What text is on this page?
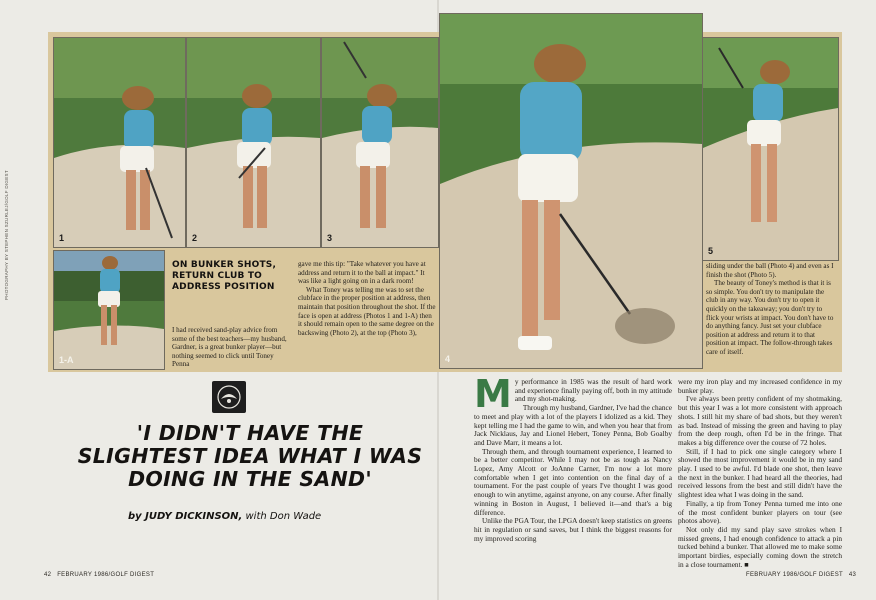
1	2	3
4
5
1-A
ON BUNKER SHOTS, RETURN CLUB TO ADDRESS POSITION

I had received sand-play advice from some of the best teachers—my husband, Gardner, is a great bunker player—but nothing seemed to click until Toney Penna

gave me this tip: "Take whatever you have at address and return it to the ball at impact." It was like a light going on in a dark room!

What Toney was telling me was to set the clubface in the proper position at address, then maintain that position throughout the shot. If the face is open at address (Photos 1 and 1-A) then it should remain open to the same degree on the backswing (Photo 2), at the top (Photo 3),

sliding under the ball (Photo 4) and even as I finish the shot (Photo 5).

The beauty of Toney's method is that it is so simple. You don't try to manipulate the club in any way. You don't try to open it quickly on the takeaway; you don't try to flick your wrists at impact. You don't have to do anything fancy. Just set your clubface position at address and return it to that position at impact. The follow-through takes care of itself.

PHOTOGRAPHY BY STEPHEN SZURLEJ/GOLF DIGEST
'I DIDN'T HAVE THE SLIGHTEST IDEA WHAT I WAS DOING IN THE SAND'
by JUDY DICKINSON, with Don Wade

My performance in 1985 was the result of hard work and experience finally paying off, both in my attitude and my shot-making.

Through my husband, Gardner, I've had the chance to meet and play with a lot of the players I idolized as a kid. They kept telling me I had the game to win, and when you hear that from Jack Nicklaus, Jay and Lionel Hebert, Toney Penna, Bob Goalby and Dave Marr, it means a lot.

Through them, and through tournament experience, I learned to be a better competitor. While I may not be as tough as Nancy Lopez, Amy Alcott or JoAnne Carner, I'm now a lot more comfortable when I get into contention on the final day of a tournament. For the past couple of years I've thought I was good enough to win anytime, against anyone, on any course. After finally winning in Boston in August, I believed it—and that's a big difference.

Unlike the PGA Tour, the LPGA doesn't keep statistics on greens hit in regulation or sand saves, but I think the biggest reasons for my improved scoring

were my iron play and my increased confidence in my bunker play.

I've always been pretty confident of my shotmaking, but this year I was a lot more consistent with approach shots. I still hit my share of bad shots, but they weren't as bad. Instead of missing the green and having to play from the deep rough, often I'd be in the fringe. That makes a big difference over the course of 72 holes.

Still, if I had to pick one single category where I showed the most improvement it would be in my sand play. I used to be awful. I'd blade one shot, then leave the next in the bunker. I had heard all the theories, had received lessons from the best and still didn't have the slightest idea what I was doing in the sand.

Finally, a tip from Toney Penna turned me into one of the most confident bunker players on tour (see photos above).

Not only did my sand play save strokes when I missed greens, I had enough confidence to attack a pin tucked behind a bunker. That allowed me to make some important birdies, especially coming down the stretch in a close tournament. ■

42 FEBRUARY 1986/GOLF DIGEST	FEBRUARY 1986/GOLF DIGEST 43
